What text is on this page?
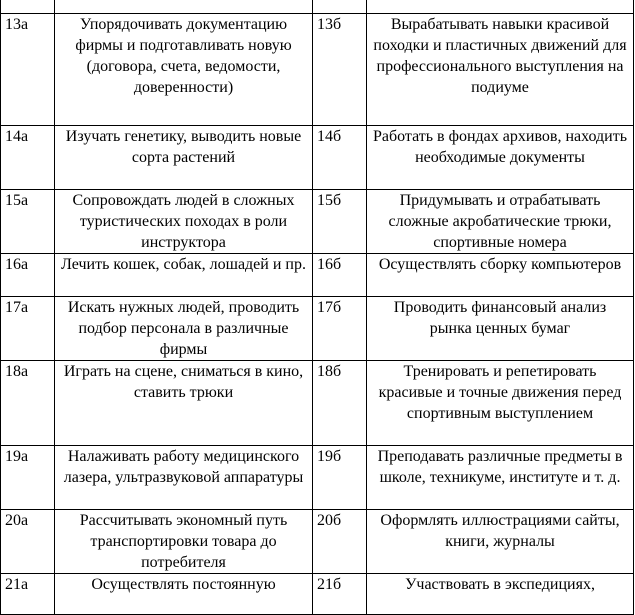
13а	Упорядочивать документацию фирмы и подготавливать новую (договора, счета, ведомости, доверенности)	13б	Вырабатывать навыки красивой походки и пластичных движений для профессионального выступления на подиуме
14а	Изучать генетику, выводить новые сорта растений	14б	Работать в фондах архивов, находить необходимые документы
15а	Сопровождать людей в сложных туристических походах в роли инструктора	15б	Придумывать и отрабатывать сложные акробатические трюки, спортивные номера
16а	Лечить кошек, собак, лошадей и пр.	16б	Осуществлять сборку компьютеров
17а	Искать нужных людей, проводить подбор персонала в различные фирмы	17б	Проводить финансовый анализ рынка ценных бумаг
18а	Играть на сцене, сниматься в кино, ставить трюки	18б	Тренировать и репетировать красивые и точные движения перед спортивным выступлением
19а	Налаживать работу медицинского лазера, ультразвуковой аппаратуры	19б	Преподавать различные предметы в школе, техникуме, институте и т. д.
20а	Рассчитывать экономный путь транспортировки товара до потребителя	20б	Оформлять иллюстрациями сайты, книги, журналы
21а	Осуществлять постоянную	21б	Участвовать в экспедициях,
